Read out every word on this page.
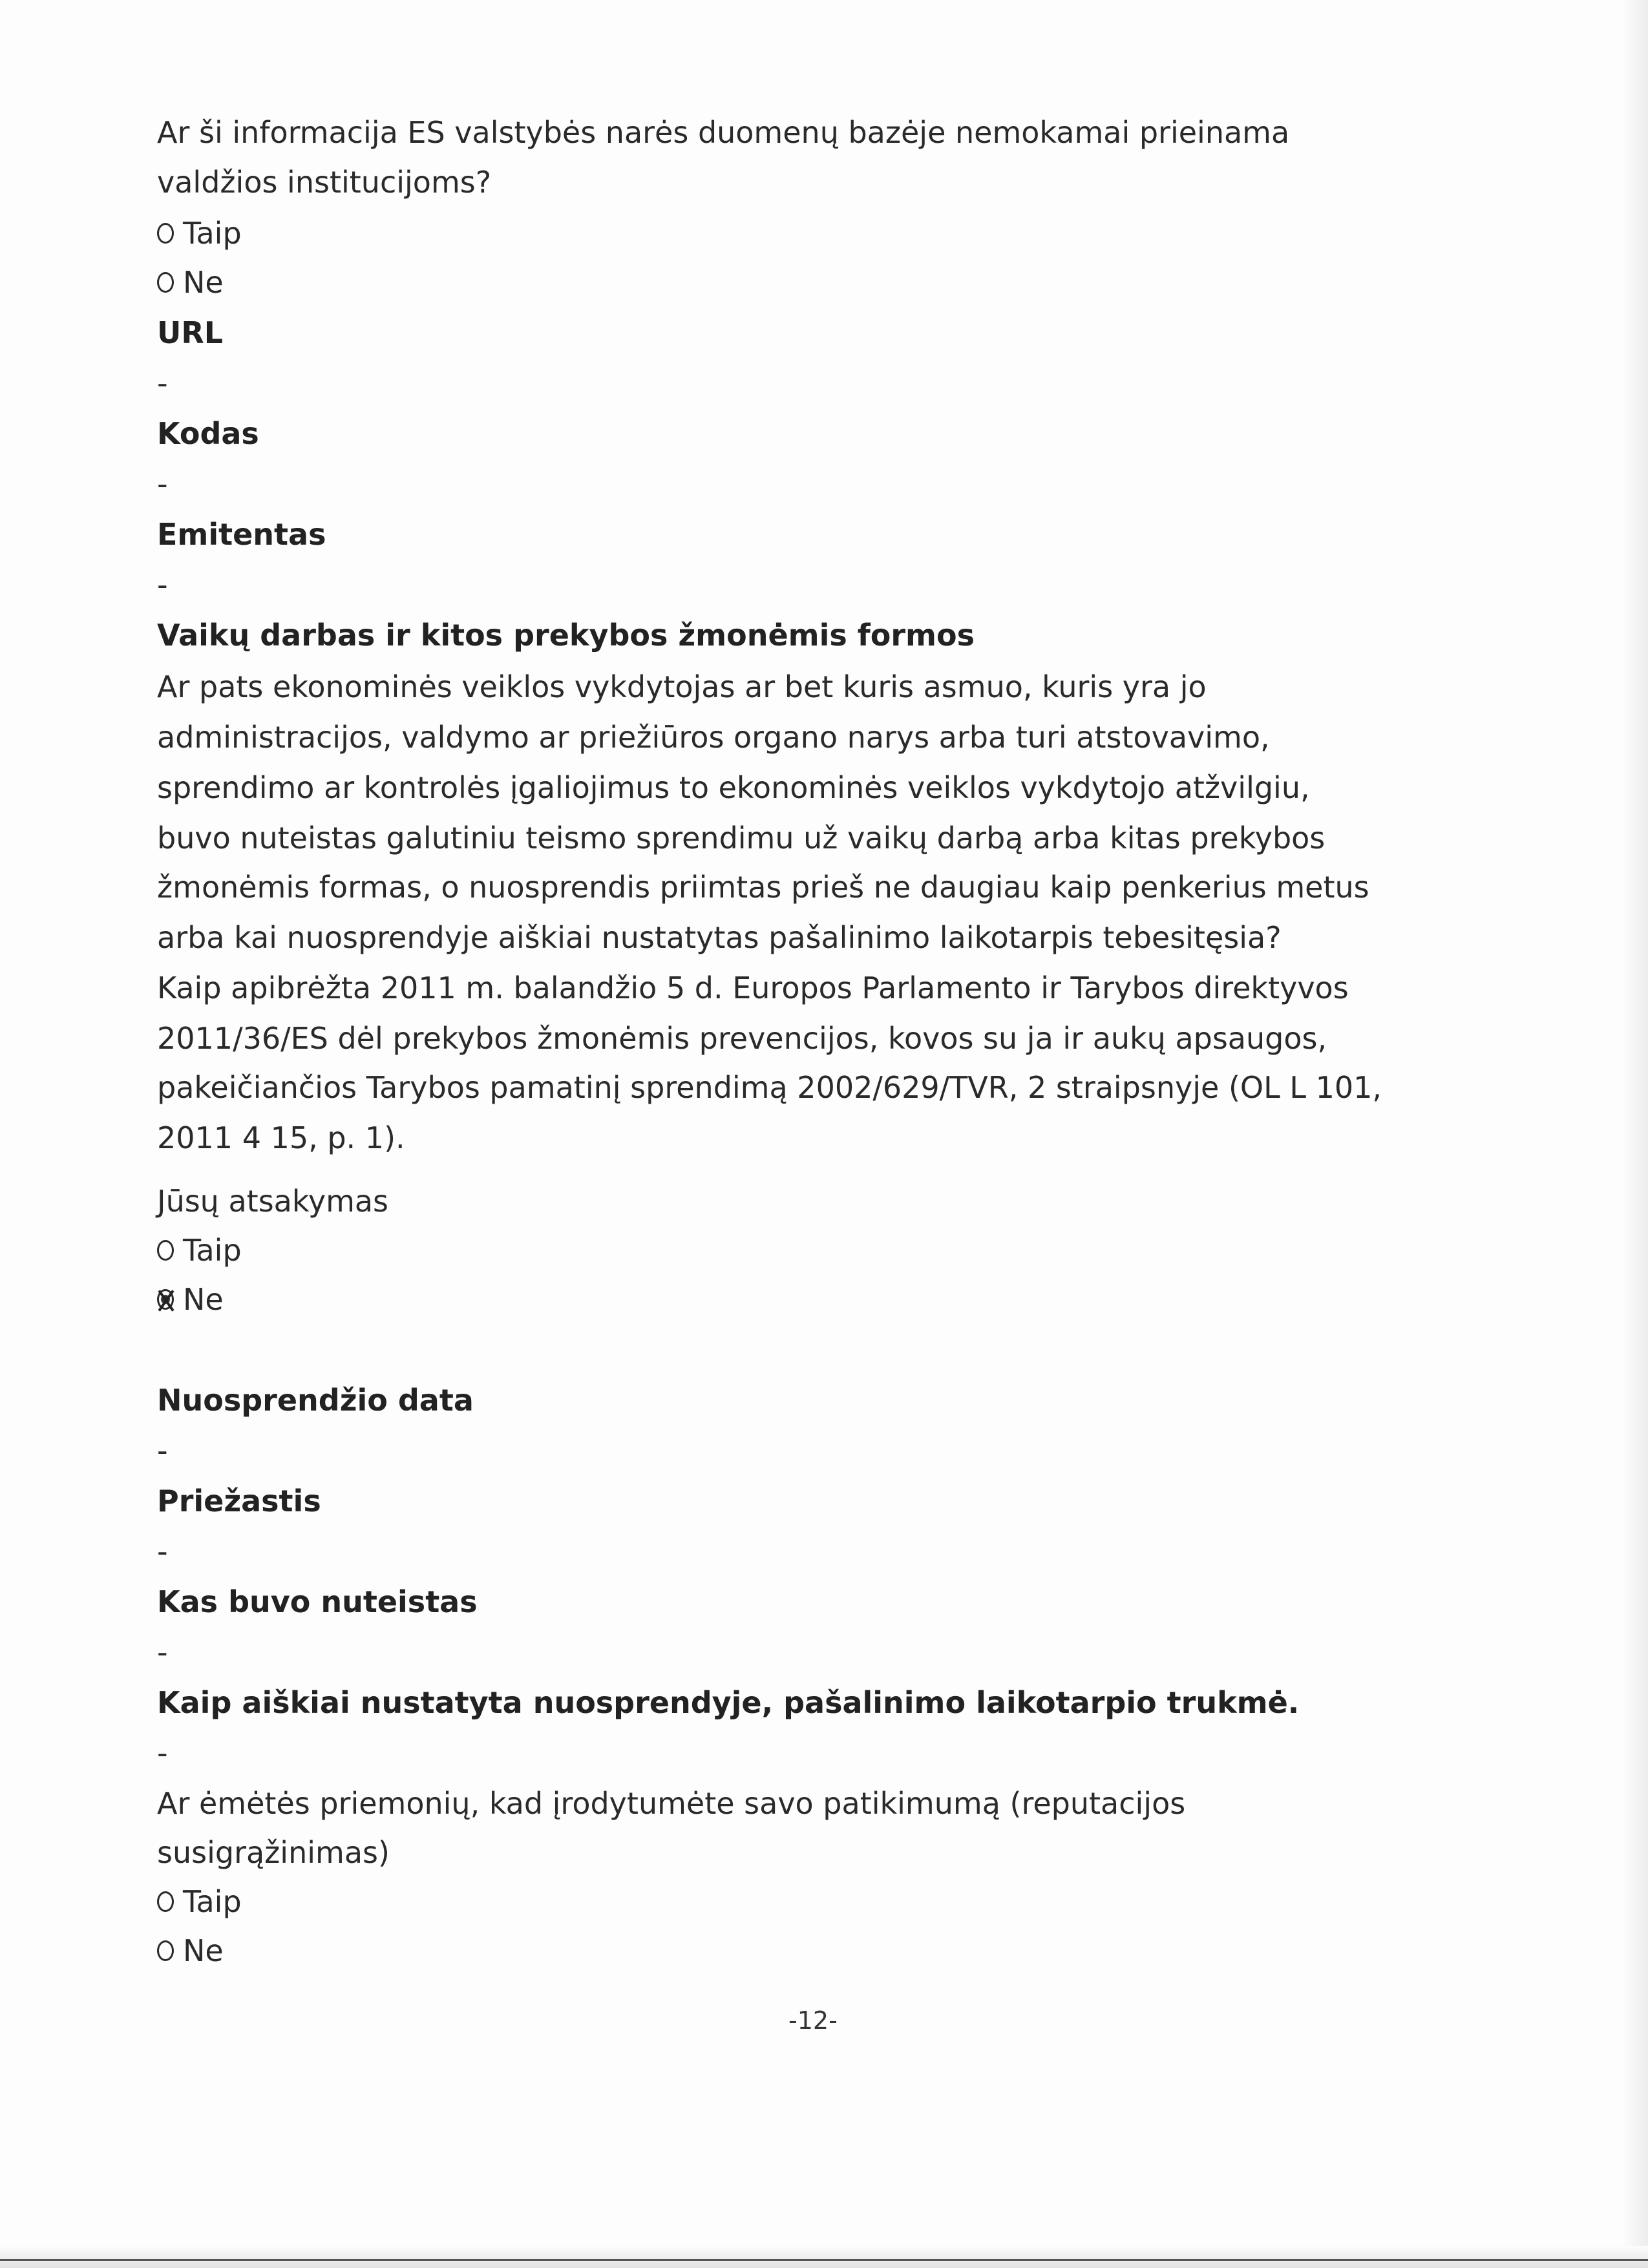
Ar ši informacija ES valstybės narės duomenų bazėje nemokamai prieinama
valdžios institucijoms?
Taip
Ne
URL
-
Kodas
-
Emitentas
-
Vaikų darbas ir kitos prekybos žmonėmis formos
Ar pats ekonominės veiklos vykdytojas ar bet kuris asmuo, kuris yra jo
administracijos, valdymo ar priežiūros organo narys arba turi atstovavimo,
sprendimo ar kontrolės įgaliojimus to ekonominės veiklos vykdytojo atžvilgiu,
buvo nuteistas galutiniu teismo sprendimu už vaikų darbą arba kitas prekybos
žmonėmis formas, o nuosprendis priimtas prieš ne daugiau kaip penkerius metus
arba kai nuosprendyje aiškiai nustatytas pašalinimo laikotarpis tebesitęsia?
Kaip apibrėžta 2011 m. balandžio 5 d. Europos Parlamento ir Tarybos direktyvos
2011/36/ES dėl prekybos žmonėmis prevencijos, kovos su ja ir aukų apsaugos,
pakeičiančios Tarybos pamatinį sprendimą 2002/629/TVR, 2 straipsnyje (OL L 101,
2011 4 15, p. 1).
Jūsų atsakymas
Taip
Ne
Nuosprendžio data
-
Priežastis
-
Kas buvo nuteistas
-
Kaip aiškiai nustatyta nuosprendyje, pašalinimo laikotarpio trukmė.
-
Ar ėmėtės priemonių, kad įrodytumėte savo patikimumą (reputacijos
susigrąžinimas)
Taip
Ne
-12-
